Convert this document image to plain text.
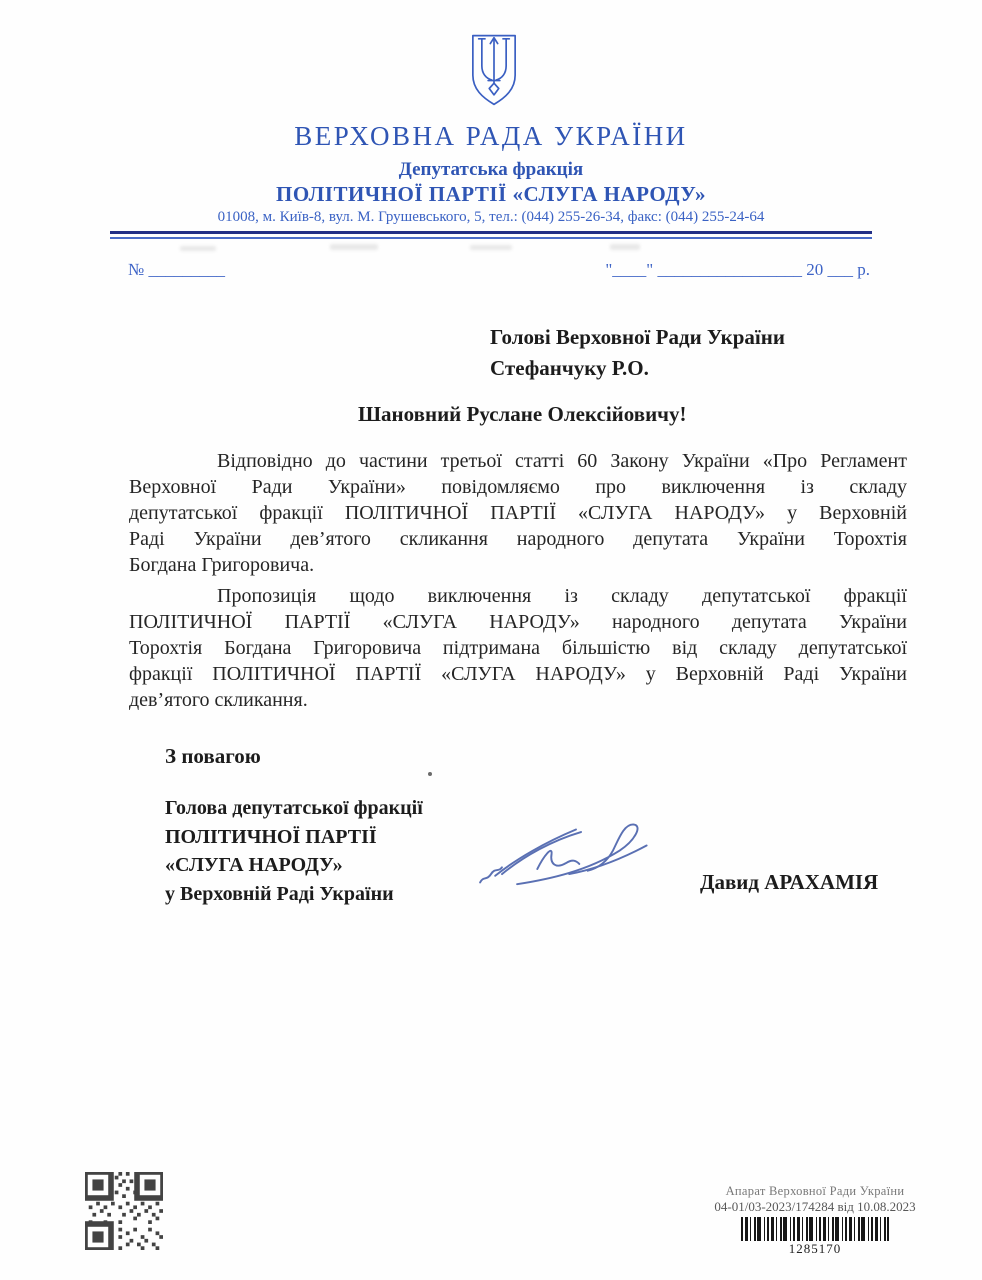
ВЕРХОВНА РАДА УКРАЇНИ
Депутатська фракція
ПОЛІТИЧНОЇ ПАРТІЇ «СЛУГА НАРОДУ»
01008, м. Київ-8, вул. М. Грушевського, 5, тел.: (044) 255-26-34, факс: (044) 255-24-64
№ _________	"____" _________________ 20 ___ р.
Голові Верховної Ради України
Стефанчуку Р.О.
Шановний Руслане Олексійовичу!
Відповідно до частини третьої статті 60 Закону України «Про Регламент
Верховної Ради України» повідомляємо про виключення із складу
депутатської фракції ПОЛІТИЧНОЇ ПАРТІЇ «СЛУГА НАРОДУ» у Верховній
Раді України дев’ятого скликання народного депутата України Торохтія
Богдана Григоровича.
Пропозиція щодо виключення із складу депутатської фракції
ПОЛІТИЧНОЇ ПАРТІЇ «СЛУГА НАРОДУ» народного депутата України
Торохтія Богдана Григоровича підтримана більшістю від складу депутатської
фракції ПОЛІТИЧНОЇ ПАРТІЇ «СЛУГА НАРОДУ» у Верховній Раді України
дев’ятого скликання.
З повагою
Голова депутатської фракції
ПОЛІТИЧНОЇ ПАРТІЇ
«СЛУГА НАРОДУ»
у Верховній Раді України	Давид АРАХАМІЯ
Апарат Верховної Ради України
04-01/03-2023/174284 від 10.08.2023
1285170
